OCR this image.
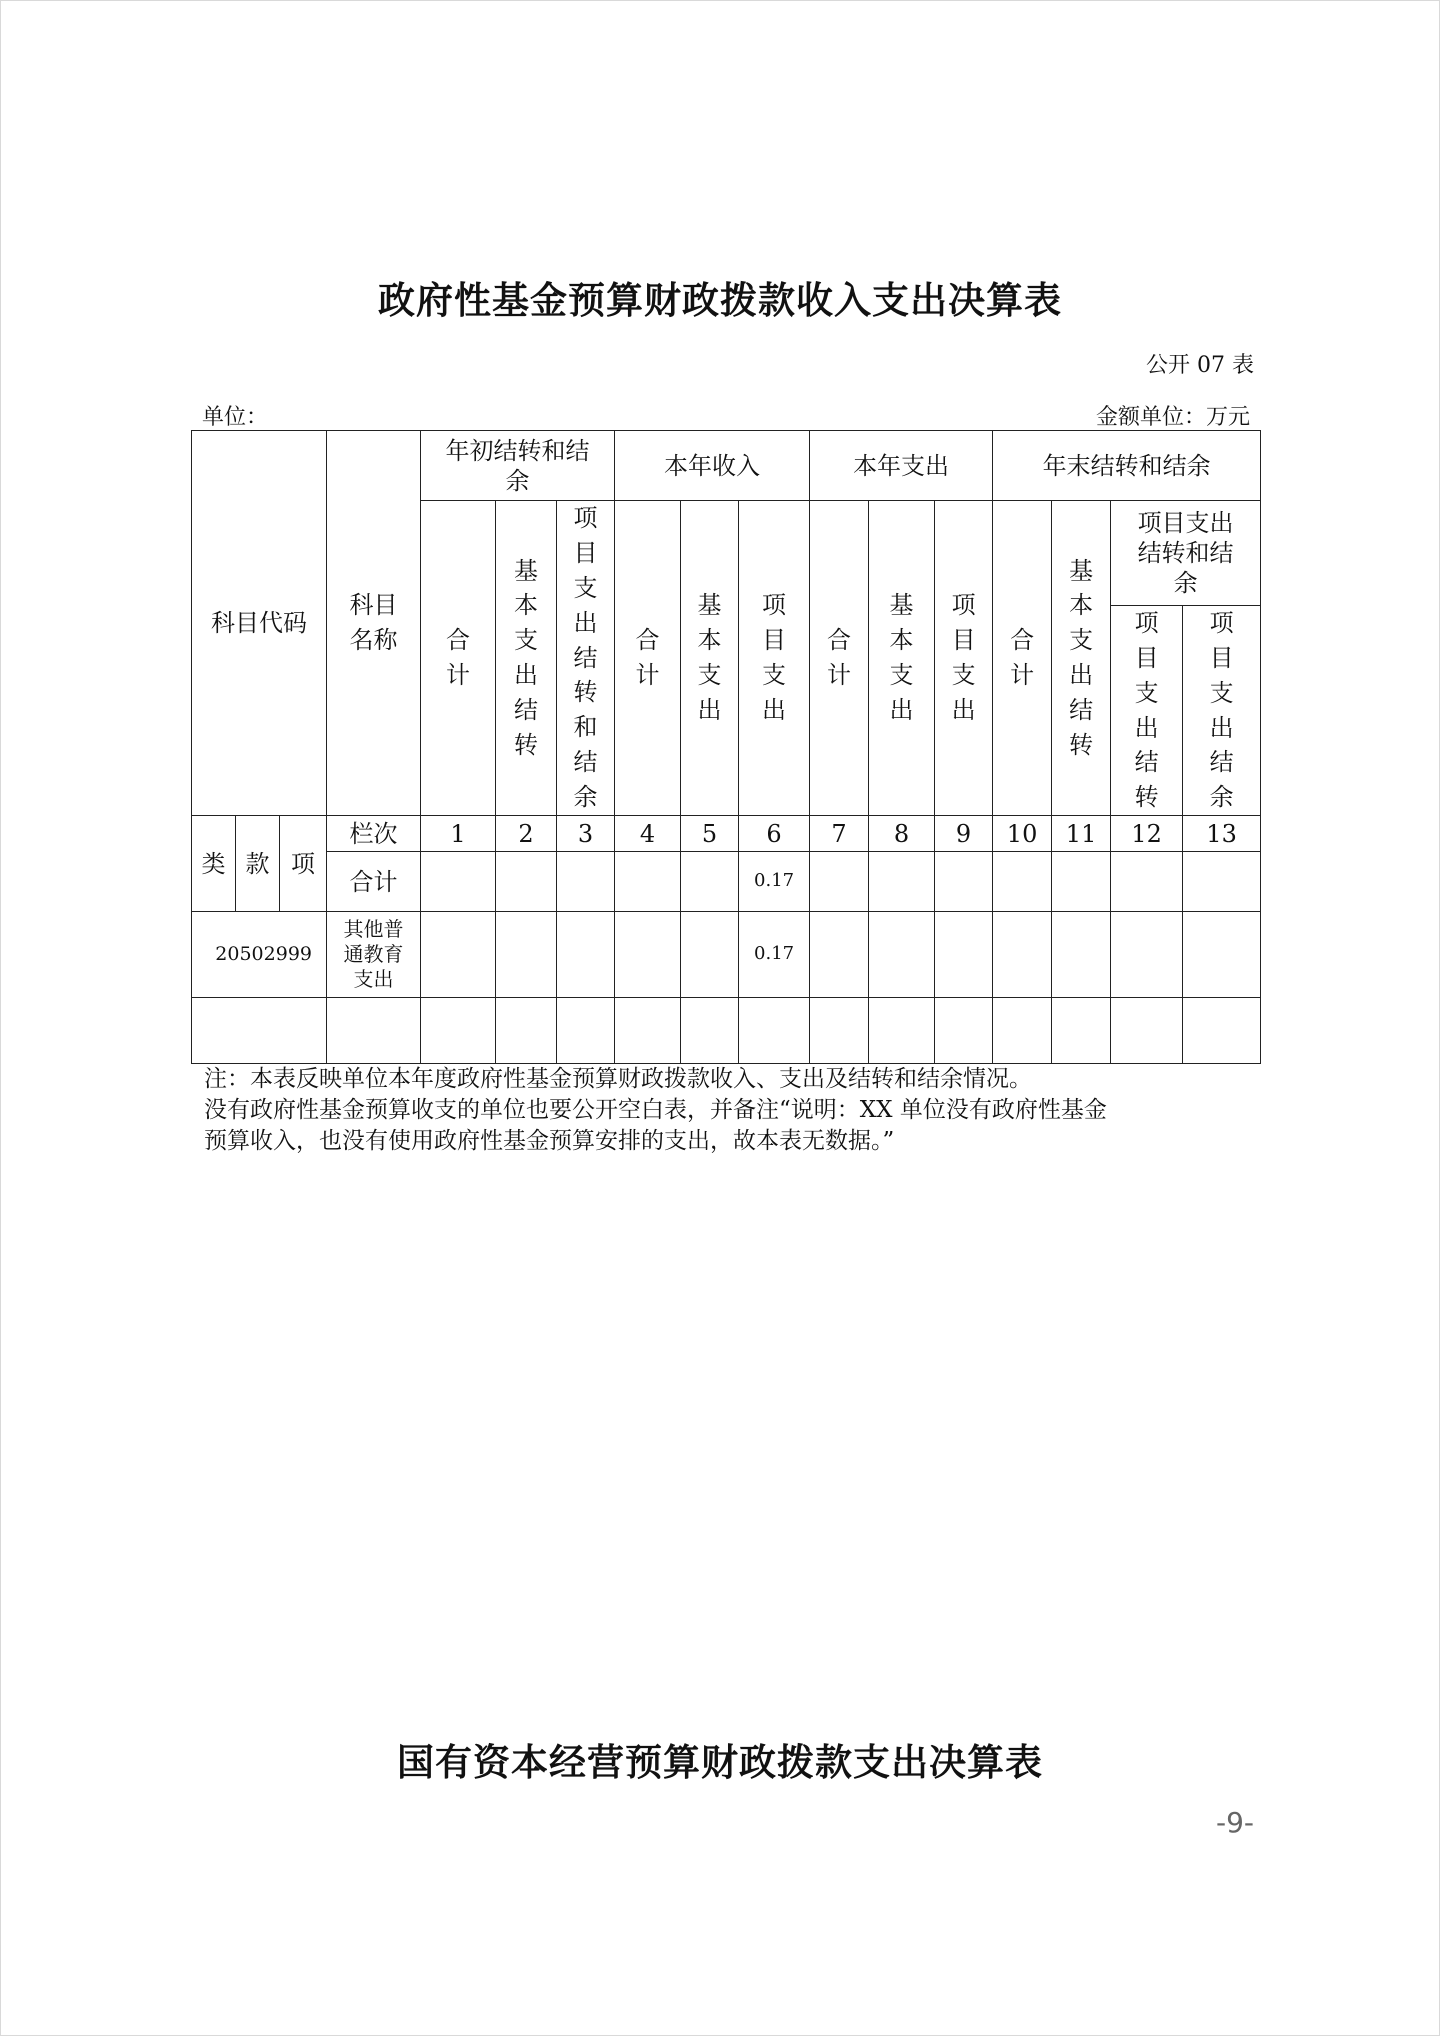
政府性基金预算财政拨款收入支出决算表
公开 07 表
单位：	金额单位：万元
科目代码			科目名称	年初结转和结余			本年收入			本年支出			年末结转和结余			
				合计	基本支出结转	项目支出结转和结余	合计	基本支出	项目支出	合计	基本支出	项目支出	合计	基本支出结转	项目支出结转和结余	
															项目支出结转	项目支出结余
类	款	项	栏次	1	2	3	4	5	6	7	8	9	10	11	12	13
			合计						0.17							
20502999			其他普通教育支出						0.17							

注：本表反映单位本年度政府性基金预算财政拨款收入、支出及结转和结余情况。

没有政府性基金预算收支的单位也要公开空白表，并备注“说明：XX 单位没有政府性基金

预算收入，也没有使用政府性基金预算安排的支出，故本表无数据。”

国有资本经营预算财政拨款支出决算表
-9-
